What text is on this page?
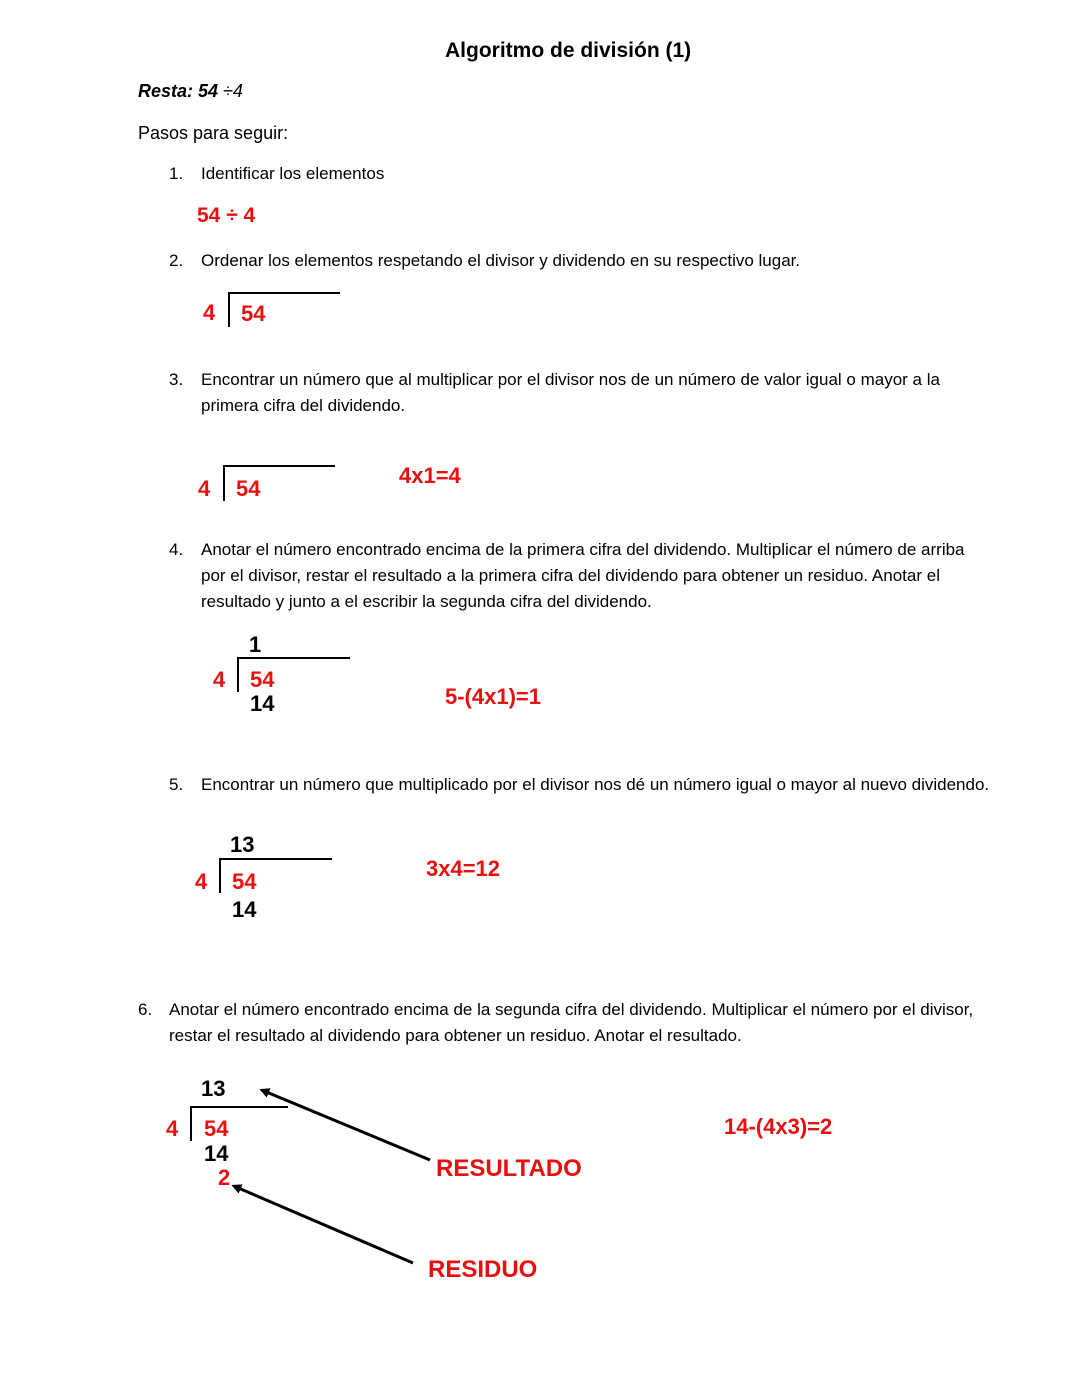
Algoritmo de división (1)
Resta: 54 ÷4
Pasos para seguir:
1. Identificar los elementos
54 ÷ 4
2. Ordenar los elementos respetando el divisor y dividendo en su respectivo lugar.
4 54
3. Encontrar un número que al multiplicar por el divisor nos de un número de valor igual o mayor a la primera cifra del dividendo.
4 54
4x1=4
4. Anotar el número encontrado encima de la primera cifra del dividendo. Multiplicar el número de arriba por el divisor, restar el resultado a la primera cifra del dividendo para obtener un residuo. Anotar el resultado y junto a el escribir la segunda cifra del dividendo.
1
4 54
14	5-(4x1)=1
5. Encontrar un número que multiplicado por el divisor nos dé un número igual o mayor al nuevo dividendo.
13
4 54
14
3x4=12
6. Anotar el número encontrado encima de la segunda cifra del dividendo. Multiplicar el número por el divisor, restar el resultado al dividendo para obtener un residuo. Anotar el resultado.
13
4 54
14
2	RESULTADO
RESIDUO
14-(4x3)=2
